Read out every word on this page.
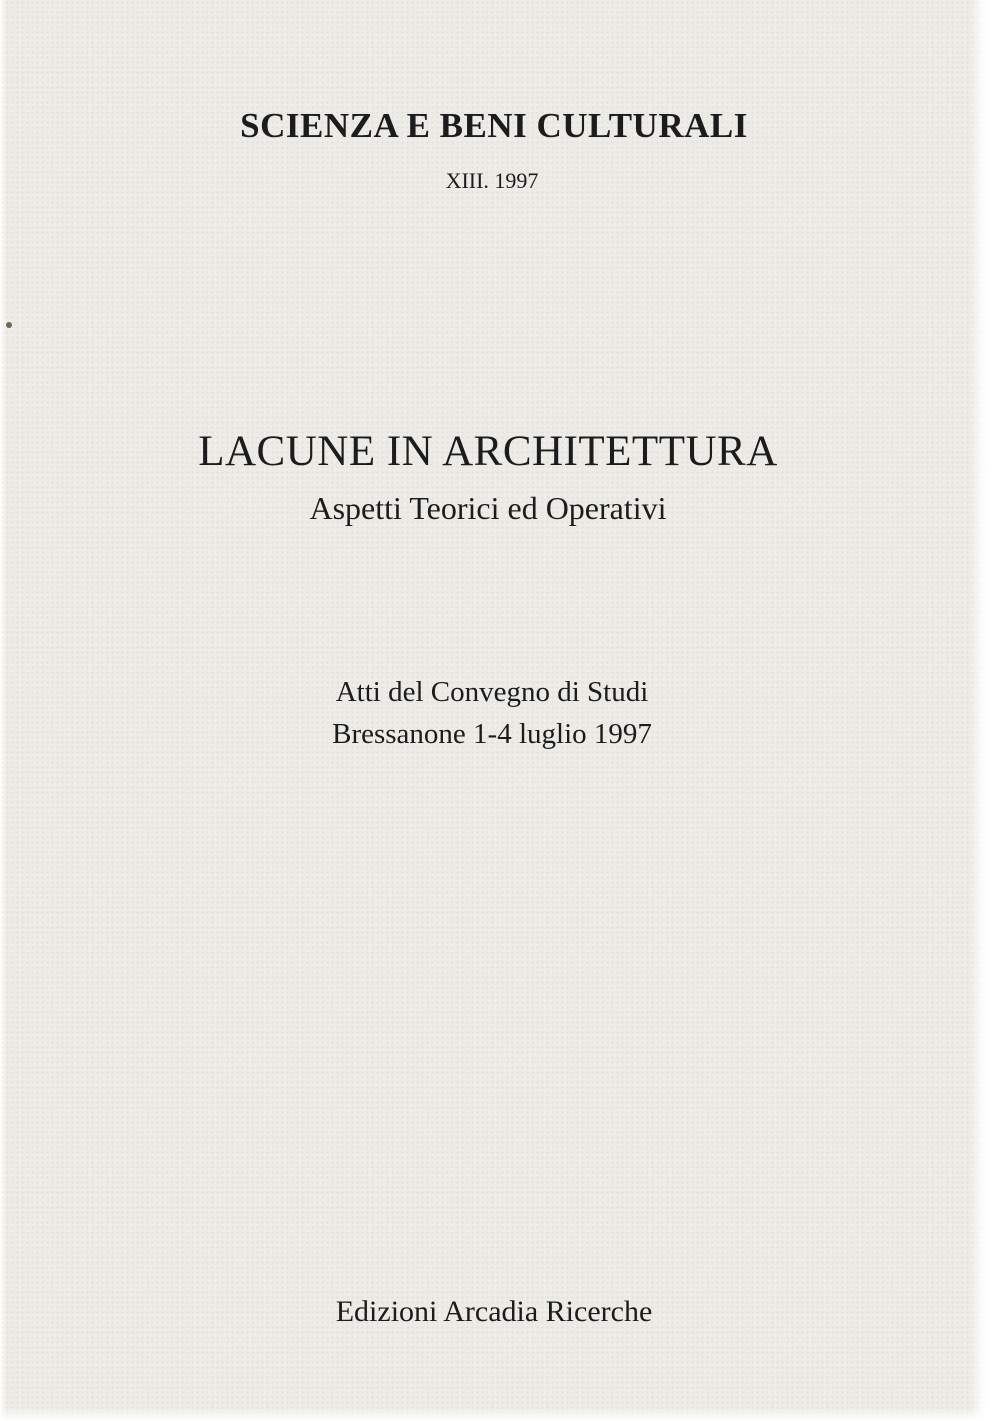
SCIENZA E BENI CULTURALI
XIII. 1997
LACUNE IN ARCHITETTURA
Aspetti Teorici ed Operativi
Atti del Convegno di Studi
Bressanone 1-4 luglio 1997
Edizioni Arcadia Ricerche
